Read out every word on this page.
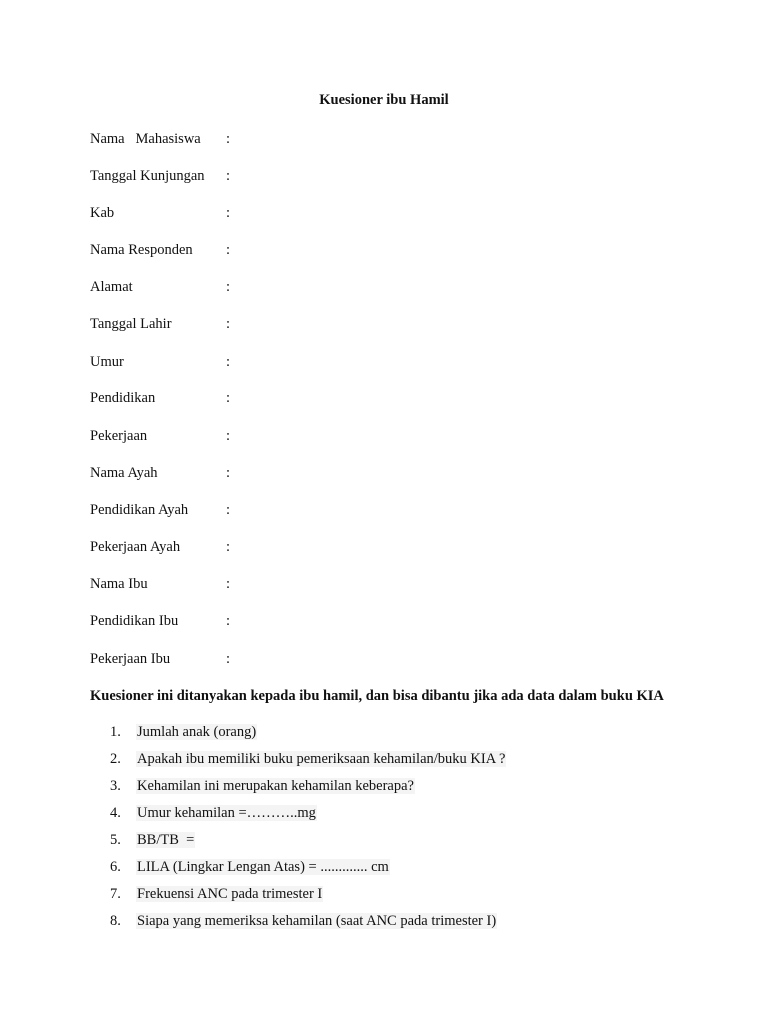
Kuesioner ibu Hamil
Nama   Mahasiswa :
Tanggal Kunjungan :
Kab	:
Nama Responden :
Alamat	:
Tanggal Lahir	:
Umur	:
Pendidikan	:
Pekerjaan	:
Nama Ayah	:
Pendidikan Ayah	:
Pekerjaan Ayah	:
Nama Ibu	:
Pendidikan Ibu	:
Pekerjaan Ibu	:
Kuesioner ini ditanyakan kepada ibu hamil, dan bisa dibantu jika ada data dalam buku KIA
1. Jumlah anak (orang)
2. Apakah ibu memiliki buku pemeriksaan kehamilan/buku KIA ?
3. Kehamilan ini merupakan kehamilan keberapa?
4. Umur kehamilan =………..mg
5. BB/TB  =
6. LILA (Lingkar Lengan Atas) = ............. cm
7. Frekuensi ANC pada trimester I
8. Siapa yang memeriksa kehamilan (saat ANC pada trimester I)
